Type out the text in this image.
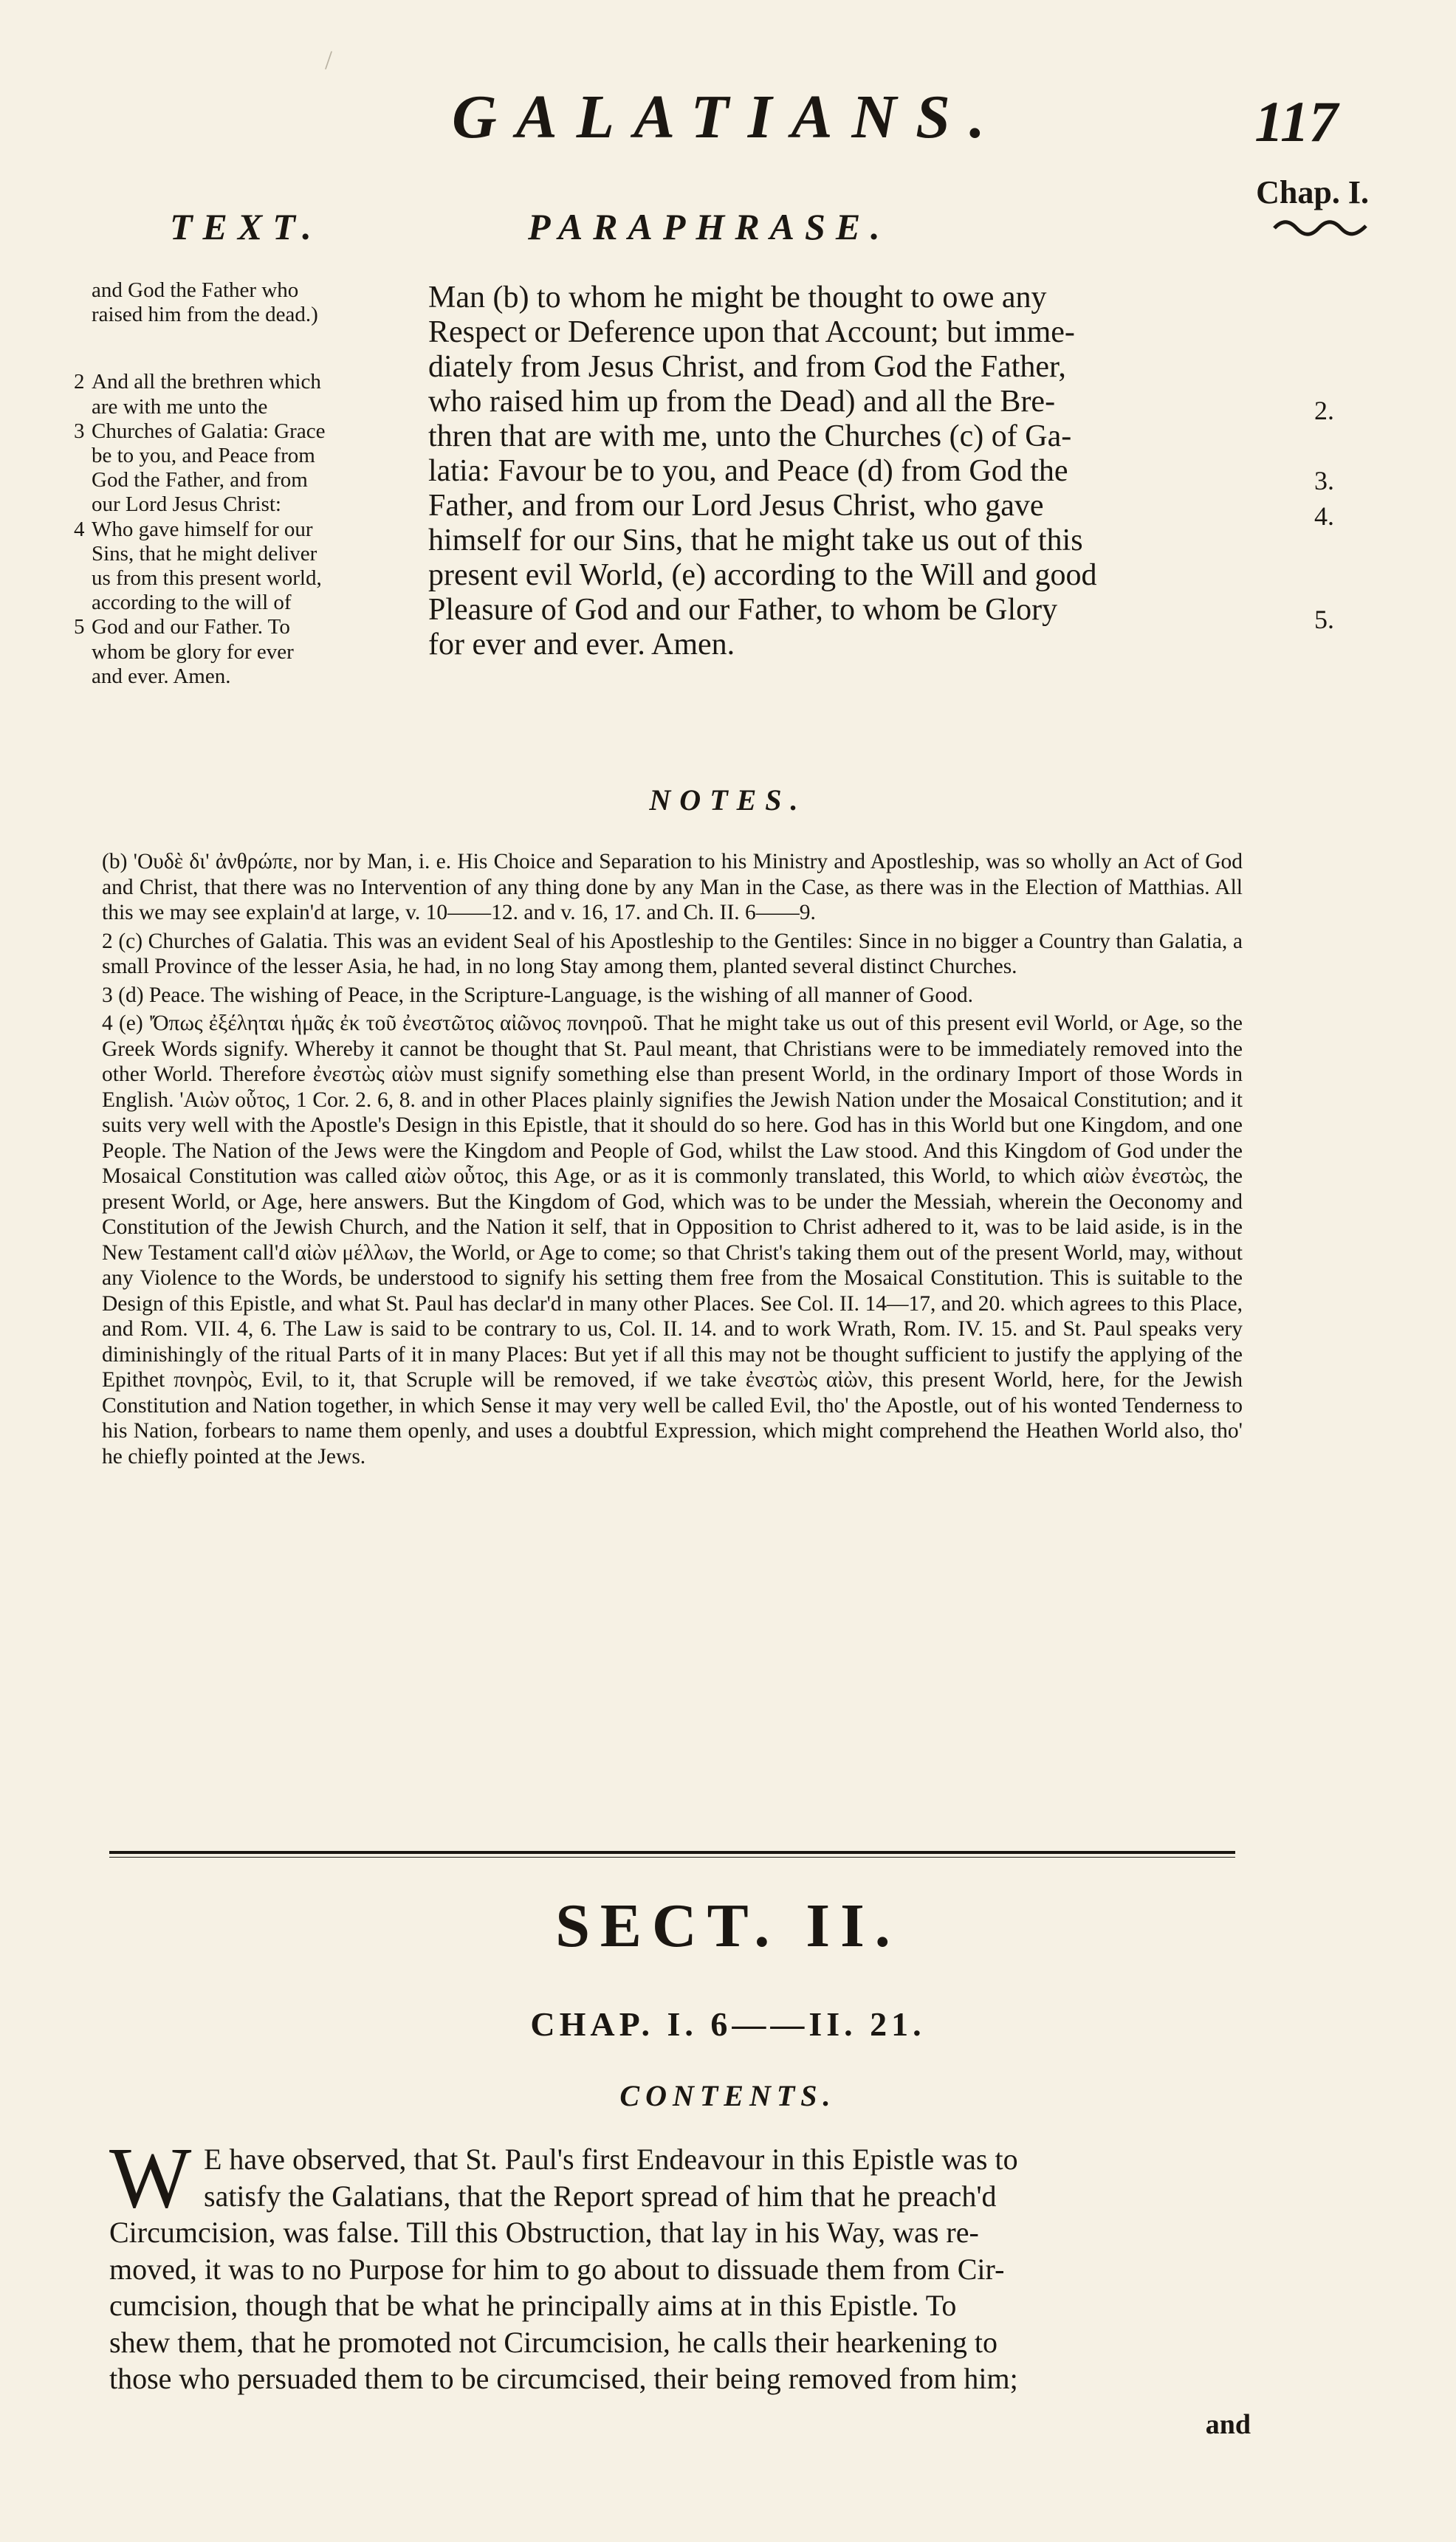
/
GALATIANS.	117
Chap. I.
TEXT.	PARAPHRASE.
and God the Father who
raised him from the dead.)
2 And all the brethren which
are with me unto the
3 Churches of Galatia: Grace
be to you, and Peace from
God the Father, and from
our Lord Jesus Christ:
4 Who gave himself for our
Sins, that he might deliver
us from this present world,
according to the will of
5 God and our Father. To
whom be glory for ever
and ever. Amen.
Man (b) to whom he might be thought to owe any
Respect or Deference upon that Account; but imme-
diately from Jesus Christ, and from God the Father,
who raised him up from the Dead) and all the Bre-
thren that are with me, unto the Churches (c) of Ga-
latia: Favour be to you, and Peace (d) from God the
Father, and from our Lord Jesus Christ, who gave
himself for our Sins, that he might take us out of this
present evil World, (e) according to the Will and good
Pleasure of God and our Father, to whom be Glory
for ever and ever. Amen.
2.
3.
4.
5.
NOTES.

(b) 'Ουδὲ δι' ἀνθρώπε, nor by Man, i. e. His Choice and Separation to his Ministry and Apostleship, was so wholly an Act of God and Christ, that there was no Intervention of any thing done by any Man in the Case, as there was in the Election of Matthias. All this we may see explain'd at large, v. 10——12. and v. 16, 17. and Ch. II. 6——9.

2 (c) Churches of Galatia. This was an evident Seal of his Apostleship to the Gentiles: Since in no bigger a Country than Galatia, a small Province of the lesser Asia, he had, in no long Stay among them, planted several distinct Churches.

3 (d) Peace. The wishing of Peace, in the Scripture-Language, is the wishing of all manner of Good.

4 (e) 'Όπως ἐξέληται ἡμᾶς ἐκ τοῦ ἐνεστῶτος αἰῶνος πονηροῦ. That he might take us out of this present evil World, or Age, so the Greek Words signify. Whereby it cannot be thought that St. Paul meant, that Christians were to be immediately removed into the other World. Therefore ἐνεστὼς αἰὼν must signify something else than present World, in the ordinary Import of those Words in English. 'Αιὼν οὗτος, 1 Cor. 2. 6, 8. and in other Places plainly signifies the Jewish Nation under the Mosaical Constitution; and it suits very well with the Apostle's Design in this Epistle, that it should do so here. God has in this World but one Kingdom, and one People. The Nation of the Jews were the Kingdom and People of God, whilst the Law stood. And this Kingdom of God under the Mosaical Constitution was called αἰὼν οὗτος, this Age, or as it is commonly translated, this World, to which αἰὼν ἐνεστὼς, the present World, or Age, here answers. But the Kingdom of God, which was to be under the Messiah, wherein the Oeconomy and Constitution of the Jewish Church, and the Nation it self, that in Opposition to Christ adhered to it, was to be laid aside, is in the New Testament call'd αἰὼν μέλλων, the World, or Age to come; so that Christ's taking them out of the present World, may, without any Violence to the Words, be understood to signify his setting them free from the Mosaical Constitution. This is suitable to the Design of this Epistle, and what St. Paul has declar'd in many other Places. See Col. II. 14—17, and 20. which agrees to this Place, and Rom. VII. 4, 6. The Law is said to be contrary to us, Col. II. 14. and to work Wrath, Rom. IV. 15. and St. Paul speaks very diminishingly of the ritual Parts of it in many Places: But yet if all this may not be thought sufficient to justify the applying of the Epithet πονηρὸς, Evil, to it, that Scruple will be removed, if we take ἐνεστὼς αἰὼν, this present World, here, for the Jewish Constitution and Nation together, in which Sense it may very well be called Evil, tho' the Apostle, out of his wonted Tenderness to his Nation, forbears to name them openly, and uses a doubtful Expression, which might comprehend the Heathen World also, tho' he chiefly pointed at the Jews.

SECT. II.
CHAP. I. 6——II. 21.
CONTENTS.
W E have observed, that St. Paul's first Endeavour in this Epistle was to
satisfy the Galatians, that the Report spread of him that he preach'd
Circumcision, was false. Till this Obstruction, that lay in his Way, was re-
moved, it was to no Purpose for him to go about to dissuade them from Cir-
cumcision, though that be what he principally aims at in this Epistle. To
shew them, that he promoted not Circumcision, he calls their hearkening to
those who persuaded them to be circumcised, their being removed from him;
and
